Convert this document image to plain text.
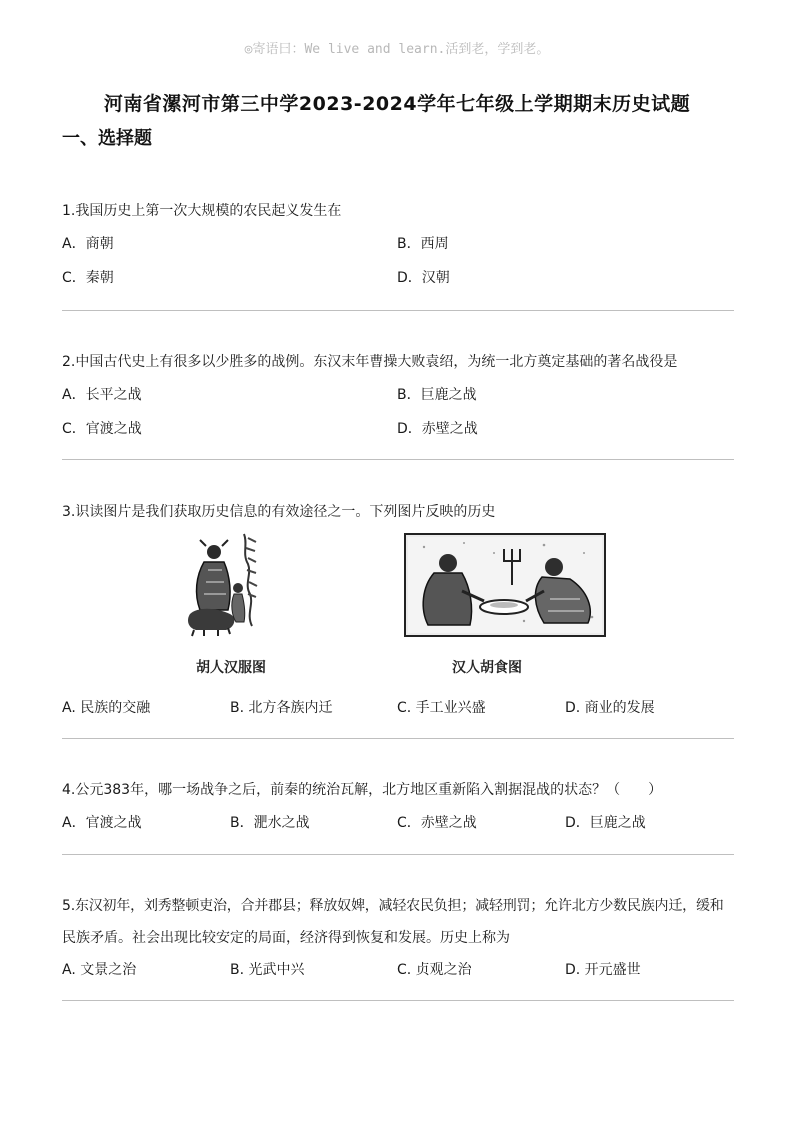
◎寄语曰：We live and learn.活到老，学到老。
河南省漯河市第三中学2023-2024学年七年级上学期期末历史试题
一、选择题
1.我国历史上第一次大规模的农民起义发生在
A．商朝	B．西周
C．秦朝	D．汉朝
2.中国古代史上有很多以少胜多的战例。东汉末年曹操大败袁绍，为统一北方奠定基础的著名战役是
A．长平之战	B．巨鹿之战
C．官渡之战	D．赤壁之战
3.识读图片是我们获取历史信息的有效途径之一。下列图片反映的历史
胡人汉服图	汉人胡食图
A. 民族的交融	B. 北方各族内迁	C. 手工业兴盛	D. 商业的发展
4.公元383年，哪一场战争之后，前秦的统治瓦解，北方地区重新陷入割据混战的状态？（　　）
A．官渡之战	B．淝水之战	C．赤壁之战	D．巨鹿之战
5.东汉初年，刘秀整顿吏治，合并郡县；释放奴婢，减轻农民负担；减轻刑罚；允许北方少数民族内迁，缓和
民族矛盾。社会出现比较安定的局面，经济得到恢复和发展。历史上称为
A. 文景之治	B. 光武中兴	C. 贞观之治	D. 开元盛世
